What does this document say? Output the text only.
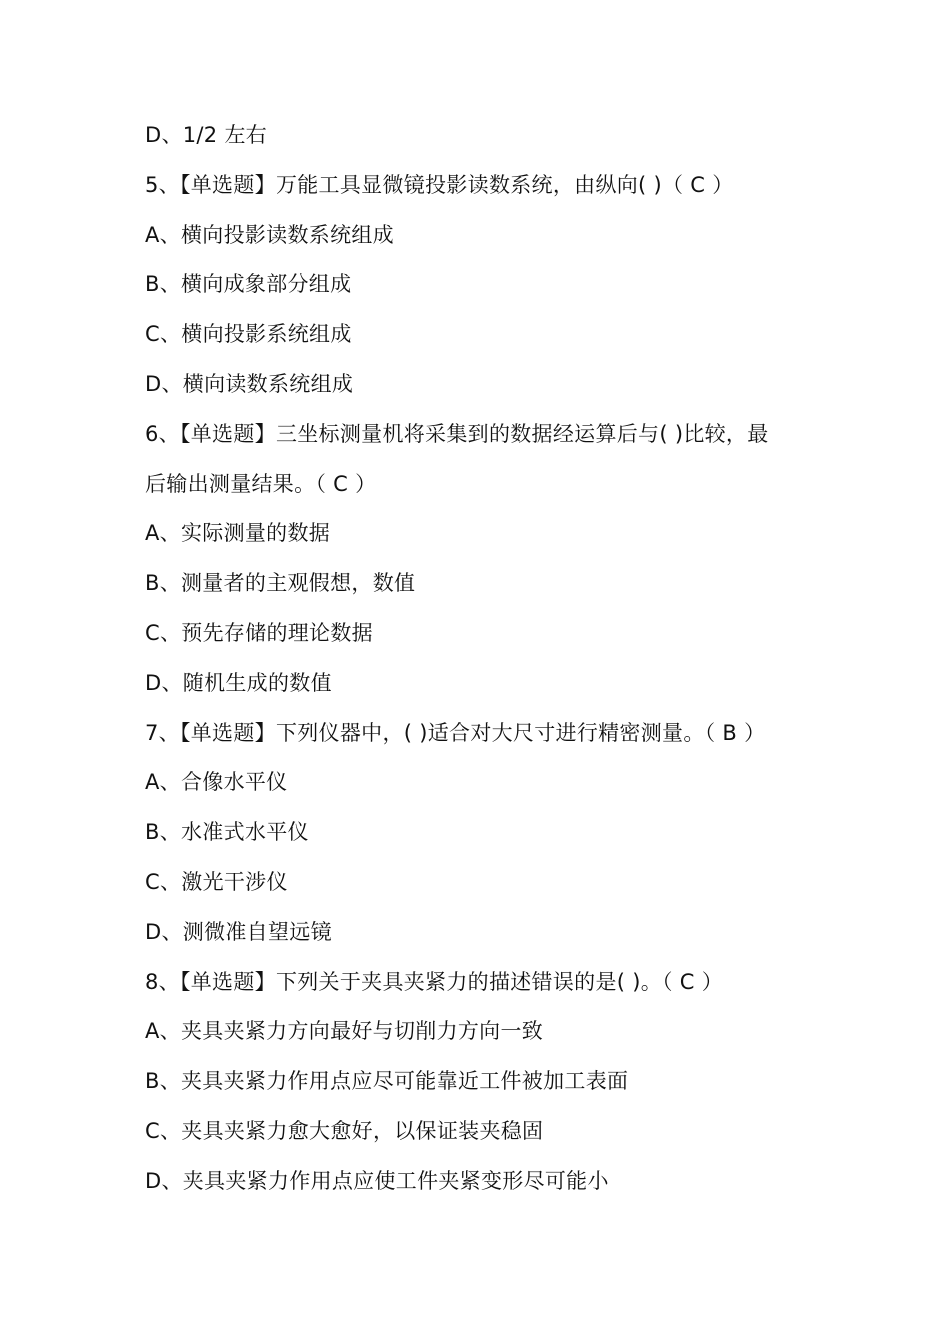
D、1/2 左右
5、【单选题】万能工具显微镜投影读数系统，由纵向( )（ C ）
A、横向投影读数系统组成
B、横向成象部分组成
C、横向投影系统组成
D、横向读数系统组成
6、【单选题】三坐标测量机将采集到的数据经运算后与( )比较，最
后输出测量结果。（ C ）
A、实际测量的数据
B、测量者的主观假想，数值
C、预先存储的理论数据
D、随机生成的数值
7、【单选题】下列仪器中，( )适合对大尺寸进行精密测量。（ B ）
A、合像水平仪
B、水准式水平仪
C、激光干涉仪
D、测微准自望远镜
8、【单选题】下列关于夹具夹紧力的描述错误的是( )。（ C ）
A、夹具夹紧力方向最好与切削力方向一致
B、夹具夹紧力作用点应尽可能靠近工件被加工表面
C、夹具夹紧力愈大愈好，以保证装夹稳固
D、夹具夹紧力作用点应使工件夹紧变形尽可能小
